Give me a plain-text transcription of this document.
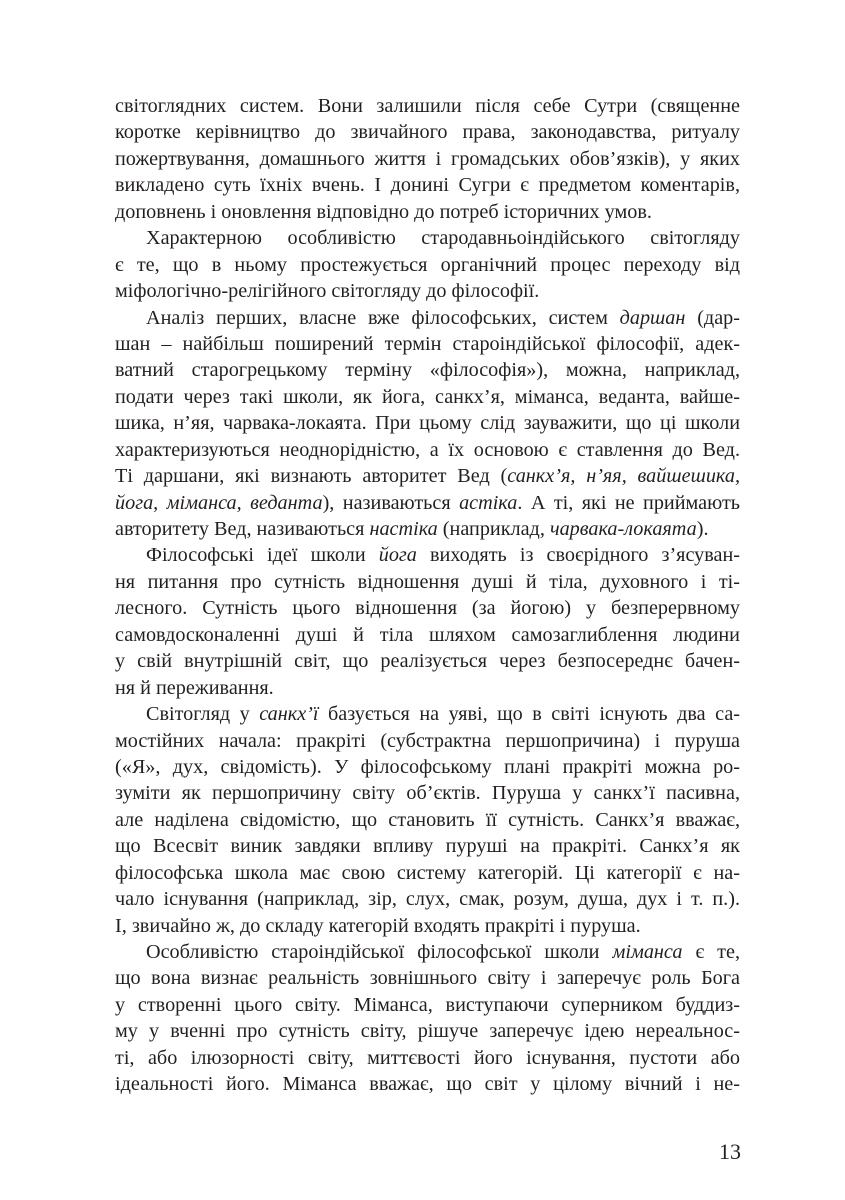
світоглядних систем. Вони залишили після себе Сутри (священне
коротке керівництво до звичайного права, законодавства, ритуалу
пожертвування, домашнього життя і громадських обов’язків), у яких
викладено суть їхніх вчень. І донині Сугри є предметом коментарів,
доповнень і оновлення відповідно до потреб історичних умов.
Характерною особливістю стародавньоіндійського світогляду
є те, що в ньому простежується органічний процес переходу від
міфологічно-релігійного світогляду до філософії.
Аналіз перших, власне вже філософських, систем даршан (дар-
шан – найбільш поширений термін староіндійської філософії, адек-
ватний старогрецькому терміну «філософія»), можна, наприклад,
подати через такі школи, як йога, санкх’я, міманса, веданта, вайше-
шика, н’яя, чарвака-локаята. При цьому слід зауважити, що ці школи
характеризуються неоднорідністю, а їх основою є ставлення до Вед.
Ті даршани, які визнають авторитет Вед (санкх’я, н’яя, вайшешика,
йога, міманса, веданта), називаються астіка. А ті, які не приймають
авторитету Вед, називаються настіка (наприклад, чарвака-локаята).
Філософські ідеї школи йога виходять із своєрідного з’ясуван-
ня питання про сутність відношення душі й тіла, духовного і ті-
лесного. Сутність цього відношення (за йогою) у безперервному
самовдосконаленні душі й тіла шляхом самозаглиблення людини
у свій внутрішній світ, що реалізується через безпосереднє бачен-
ня й переживання.
Світогляд у санкх’ї базується на уяві, що в світі існують два са-
мостійних начала: пракріті (субстрактна першопричина) і пуруша
(«Я», дух, свідомість). У філософському плані пракріті можна ро-
зуміти як першопричину світу об’єктів. Пуруша у санкх’ї пасивна,
але наділена свідомістю, що становить її сутність. Санкх’я вважає,
що Всесвіт виник завдяки впливу пуруші на пракріті. Санкх’я як
філософська школа має свою систему категорій. Ці категорії є на-
чало існування (наприклад, зір, слух, смак, розум, душа, дух і т. п.).
І, звичайно ж, до складу категорій входять пракріті і пуруша.
Особливістю староіндійської філософської школи міманса є те,
що вона визнає реальність зовнішнього світу і заперечує роль Бога
у створенні цього світу. Міманса, виступаючи суперником буддиз-
му у вченні про сутність світу, рішуче заперечує ідею нереальнос-
ті, або ілюзорності світу, миттєвості його існування, пустоти або
ідеальності його. Міманса вважає, що світ у цілому вічний і не-
13
